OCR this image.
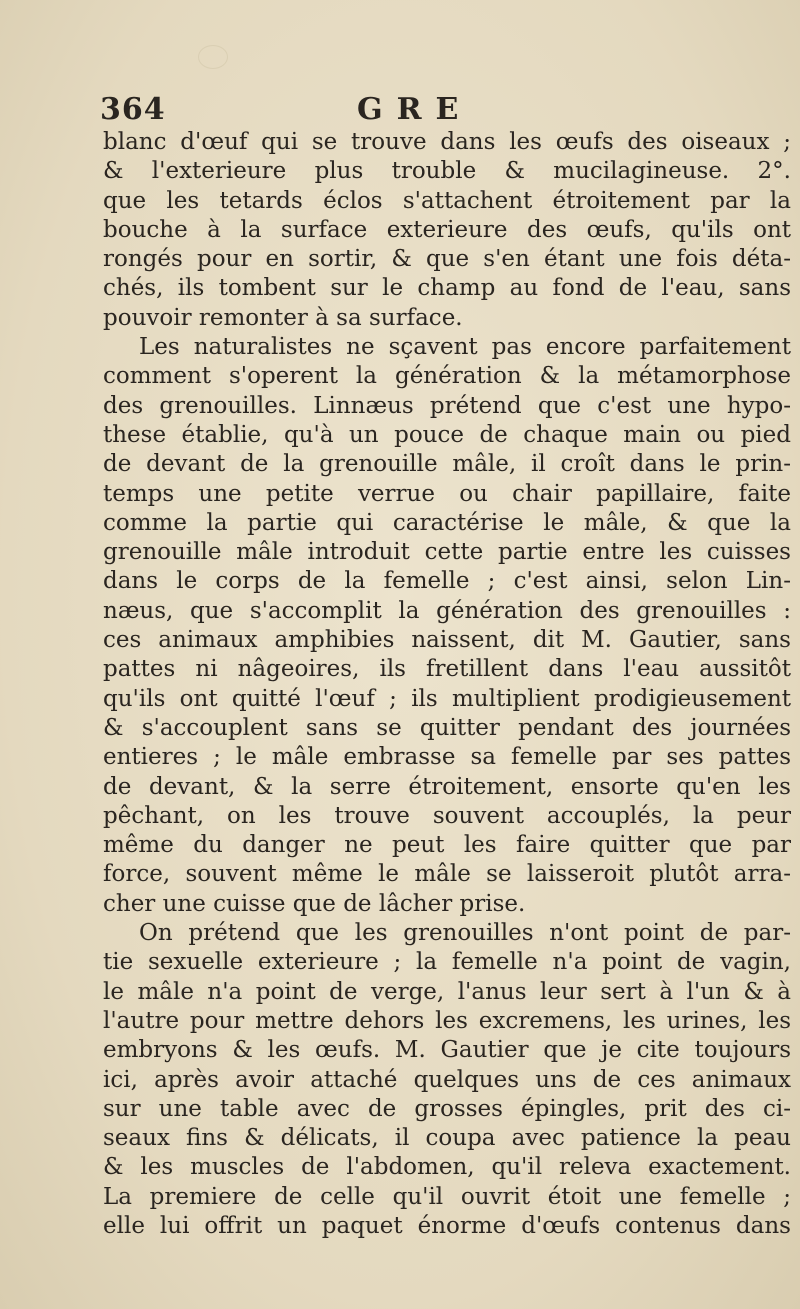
364	GRE
blanc d'œuf qui se trouve dans les œufs des oiseaux ;
& l'exterieure plus trouble & mucilagineuse. 2°.
que les tetards éclos s'attachent étroitement par la
bouche à la surface exterieure des œufs, qu'ils ont
rongés pour en sortir, & que s'en étant une fois déta-
chés, ils tombent sur le champ au fond de l'eau, sans
pouvoir remonter à sa surface.
Les naturalistes ne sçavent pas encore parfaitement
comment s'operent la génération & la métamorphose
des grenouilles. Linnæus prétend que c'est une hypo-
these établie, qu'à un pouce de chaque main ou pied
de devant de la grenouille mâle, il croît dans le prin-
temps une petite verrue ou chair papillaire, faite
comme la partie qui caractérise le mâle, & que la
grenouille mâle introduit cette partie entre les cuisses
dans le corps de la femelle ; c'est ainsi, selon Lin-
næus, que s'accomplit la génération des grenouilles :
ces animaux amphibies naissent, dit M. Gautier, sans
pattes ni nâgeoires, ils fretillent dans l'eau aussitôt
qu'ils ont quitté l'œuf ; ils multiplient prodigieusement
& s'accouplent sans se quitter pendant des journées
entieres ; le mâle embrasse sa femelle par ses pattes
de devant, & la serre étroitement, ensorte qu'en les
pêchant, on les trouve souvent accouplés, la peur
même du danger ne peut les faire quitter que par
force, souvent même le mâle se laisseroit plutôt arra-
cher une cuisse que de lâcher prise.
On prétend que les grenouilles n'ont point de par-
tie sexuelle exterieure ; la femelle n'a point de vagin,
le mâle n'a point de verge, l'anus leur sert à l'un & à
l'autre pour mettre dehors les excremens, les urines, les
embryons & les œufs. M. Gautier que je cite toujours
ici, après avoir attaché quelques uns de ces animaux
sur une table avec de grosses épingles, prit des ci-
seaux fins & délicats, il coupa avec patience la peau
& les muscles de l'abdomen, qu'il releva exactement.
La premiere de celle qu'il ouvrit étoit une femelle ;
elle lui offrit un paquet énorme d'œufs contenus dans
